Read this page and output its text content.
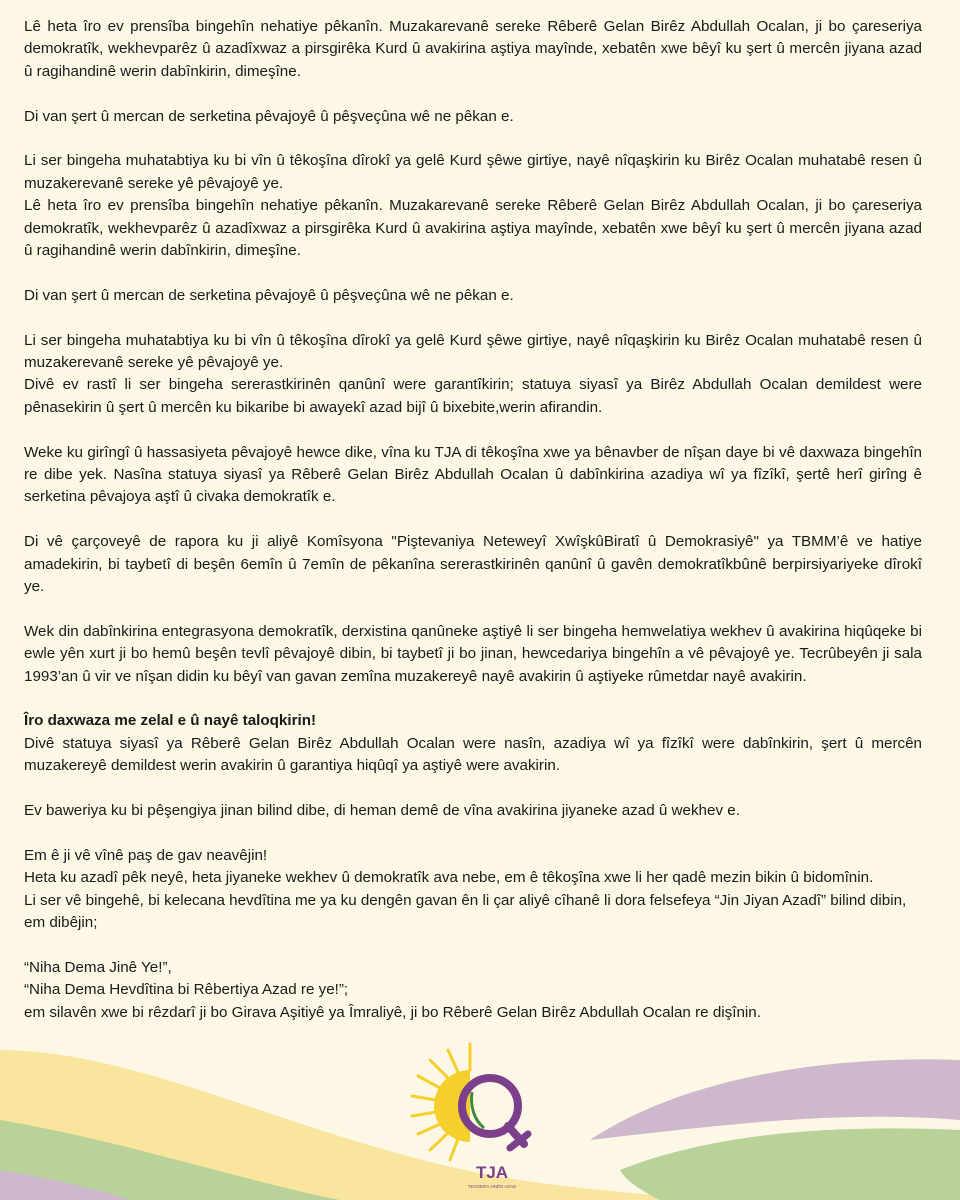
Lê heta îro ev prensîba bingehîn nehatiye pêkanîn. Muzakarevanê sereke Rêberê Gelan Birêz Abdullah Ocalan, ji bo çareseriya demokratîk, wekhevparêz û azadîxwaz a pirsgirêka Kurd û avakirina aştiya mayînde, xebatên xwe bêyî ku şert û mercên jiyana azad û ragihandinê werin dabînkirin, dimeşîne.

Di van şert û mercan de serketina pêvajoyê û pêşveçûna wê ne pêkan e.

Li ser bingeha muhatabtiya ku bi vîn û têkoşîna dîrokî ya gelê Kurd şêwe girtiye, nayê nîqaşkirin ku Birêz Ocalan muhatabê resen û muzakerevanê sereke yê pêvajoyê ye.

Lê heta îro ev prensîba bingehîn nehatiye pêkanîn. Muzakarevanê sereke Rêberê Gelan Birêz Abdullah Ocalan, ji bo çareseriya demokratîk, wekhevparêz û azadîxwaz a pirsgirêka Kurd û avakirina aştiya mayînde, xebatên xwe bêyî ku şert û mercên jiyana azad û ragihandinê werin dabînkirin, dimeşîne.

Di van şert û mercan de serketina pêvajoyê û pêşveçûna wê ne pêkan e.

Li ser bingeha muhatabtiya ku bi vîn û têkoşîna dîrokî ya gelê Kurd şêwe girtiye, nayê nîqaşkirin ku Birêz Ocalan muhatabê resen û muzakerevanê sereke yê pêvajoyê ye.

Divê ev rastî li ser bingeha sererastkirinên qanûnî were garantîkirin; statuya siyasî ya Birêz Abdullah Ocalan demildest were pênasekirin û şert û mercên ku bikaribe bi awayekî azad bijî û bixebite,werin afirandin.

Weke ku girîngî û hassasiyeta pêvajoyê hewce dike, vîna ku TJA di têkoşîna xwe ya bênavber de nîşan daye bi vê daxwaza bingehîn re dibe yek. Nasîna statuya siyasî ya Rêberê Gelan Birêz Abdullah Ocalan û dabînkirina azadiya wî ya fîzîkî, şertê herî girîng ê serketina pêvajoya aştî û civaka demokratîk e.

Di vê çarçoveyê de rapora ku ji aliyê Komîsyona "Piştevaniya Neteweyî XwîşkûBiratî û Demokrasiyê" ya TBMM’ê ve hatiye amadekirin, bi taybetî di beşên 6emîn û 7emîn de pêkanîna sererastkirinên qanûnî û gavên demokratîkbûnê berpirsiyariyeke dîrokî ye.

Wek din dabînkirina entegrasyona demokratîk, derxistina qanûneke aştiyê li ser bingeha hemwelatiya wekhev û avakirina hiqûqeke bi ewle yên xurt ji bo hemû beşên tevlî pêvajoyê dibin, bi taybetî ji bo jinan, hewcedariya bingehîn a vê pêvajoyê ye. Tecrûbeyên ji sala 1993’an û vir ve nîşan didin ku bêyî van gavan zemîna muzakereyê nayê avakirin û aştiyeke rûmetdar nayê avakirin.

Îro daxwaza me zelal e û nayê taloqkirin!

Divê statuya siyasî ya Rêberê Gelan Birêz Abdullah Ocalan were nasîn, azadiya wî ya fîzîkî were dabînkirin, şert û mercên muzakereyê demildest werin avakirin û garantiya hiqûqî ya aştiyê were avakirin.

Ev baweriya ku bi pêşengiya jinan bilind dibe, di heman demê de vîna avakirina jiyaneke azad û wekhev e.

Em ê ji vê vînê paş de gav neavêjin!

Heta ku azadî pêk neyê, heta jiyaneke wekhev û demokratîk ava nebe, em ê têkoşîna xwe li her qadê mezin bikin û bidomînin.

Li ser vê bingehê, bi kelecana hevdîtina me ya ku dengên gavan ên li çar aliyê cîhanê li dora felsefeya “Jin Jiyan Azadî” bilind dibin, em dibêjin;

“Niha Dema Jinê Ye!”,

“Niha Dema Hevdîtina bi Rêbertiya Azad re ye!”;

em silavên xwe bi rêzdarî ji bo Girava Aşitiyê ya Îmraliyê, ji bo Rêberê Gelan Birêz Abdullah Ocalan re dişînin.

TJA
TEVGERA JINÊN AZAD
